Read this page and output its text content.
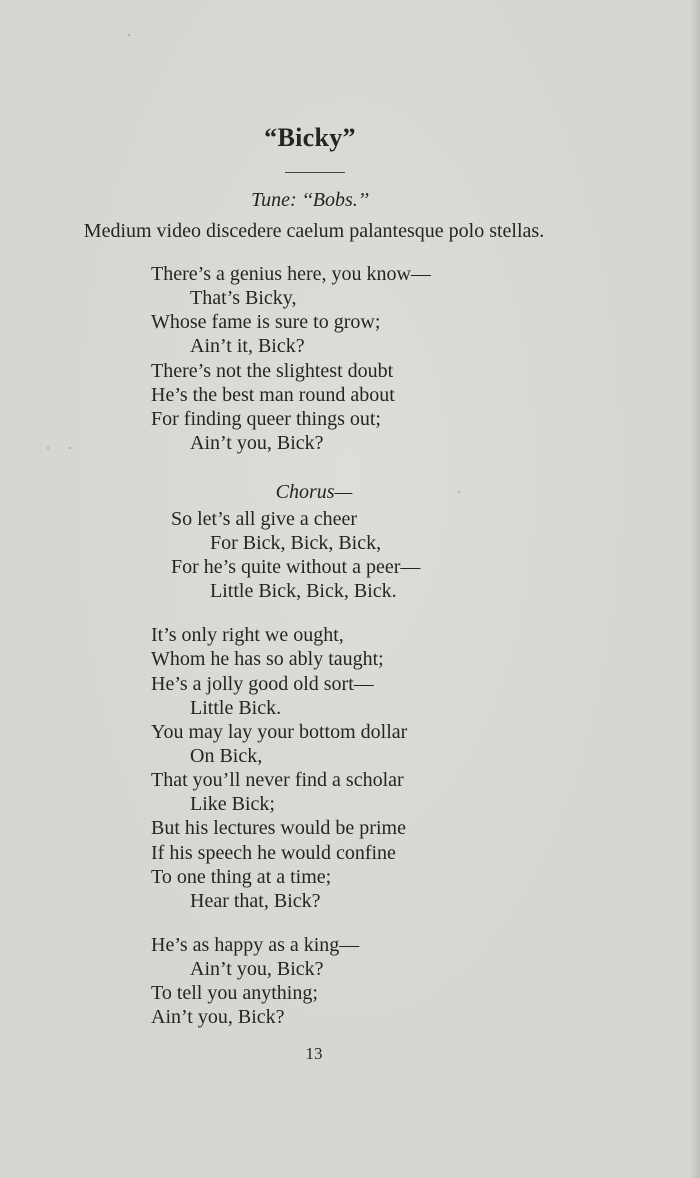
“Bicky”
Tune: ‘‘Bobs.’’
Medium video discedere caelum palantesque polo stellas.
There’s a genius here, you know—
That’s Bicky,
Whose fame is sure to grow;
Ain’t it, Bick?
There’s not the slightest doubt
He’s the best man round about
For finding queer things out;
Ain’t you, Bick?
Chorus—
So let’s all give a cheer
For Bick, Bick, Bick,
For he’s quite without a peer—
Little Bick, Bick, Bick.
It’s only right we ought,
Whom he has so ably taught;
He’s a jolly good old sort—
Little Bick.
You may lay your bottom dollar
On Bick,
That you’ll never find a scholar
Like Bick;
But his lectures would be prime
If his speech he would confine
To one thing at a time;
Hear that, Bick?
He’s as happy as a king—
Ain’t you, Bick?
To tell you anything;
Ain’t you, Bick?
13
